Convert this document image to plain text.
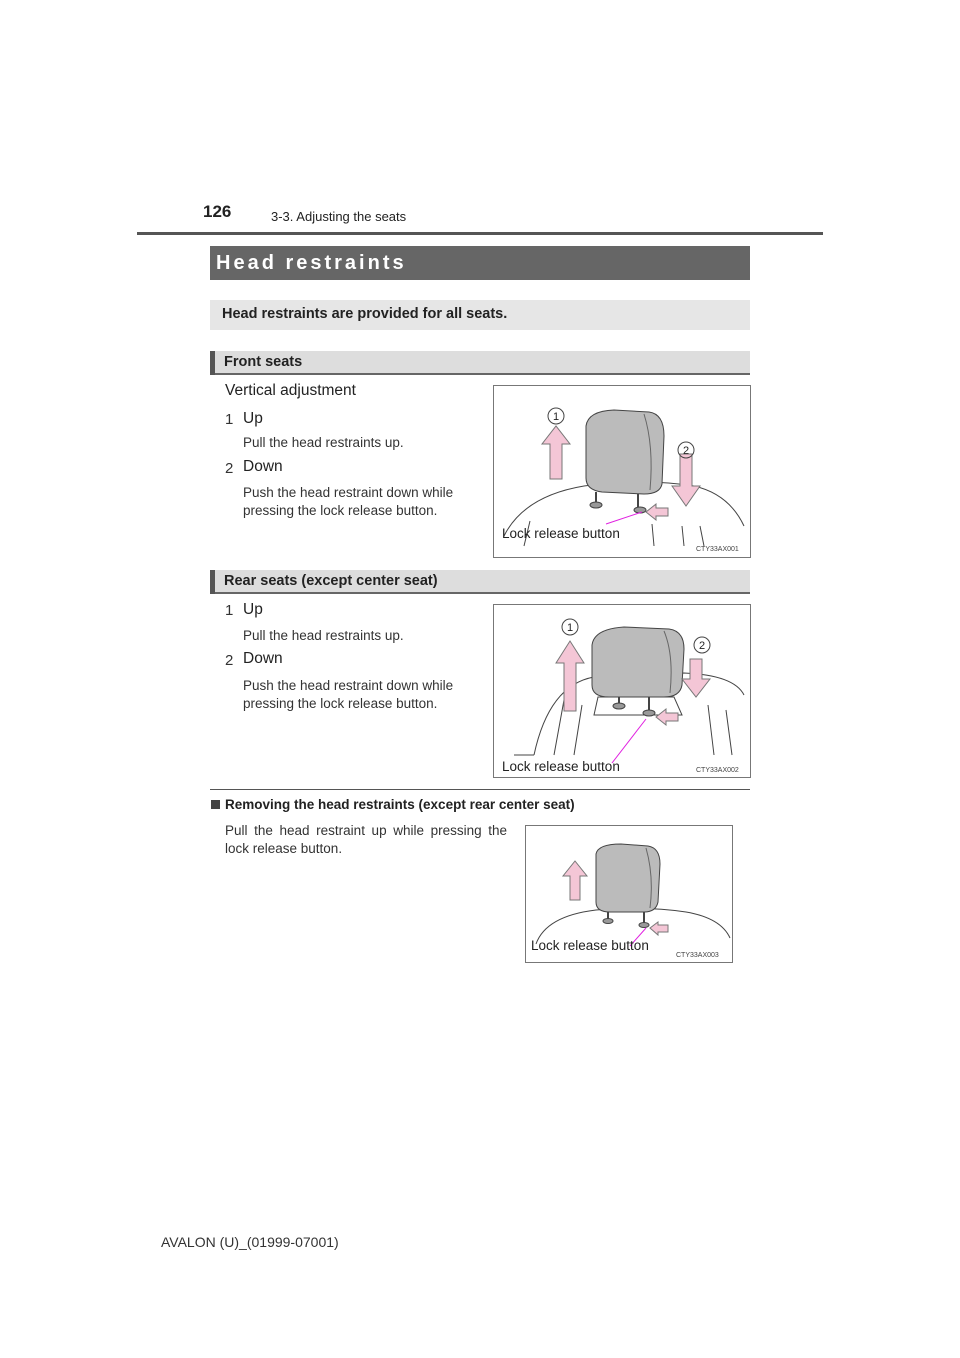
126	3-3. Adjusting the seats
Head restraints
Head restraints are provided for all seats.
Front seats
Vertical adjustment
1 Up
Pull the head restraints up.
2 Down
Push the head restraint down while pressing the lock release button.
1
2
Lock release button
CTY33AX001
Rear seats (except center seat)
1 Up
Pull the head restraints up.
2 Down
Push the head restraint down while pressing the lock release button.
1
2
Lock release button	CTY33AX002
Removing the head restraints (except rear center seat)
Pull the head restraint up while pressing the lock release button.
Lock release button
CTY33AX003
AVALON (U)_(01999-07001)
